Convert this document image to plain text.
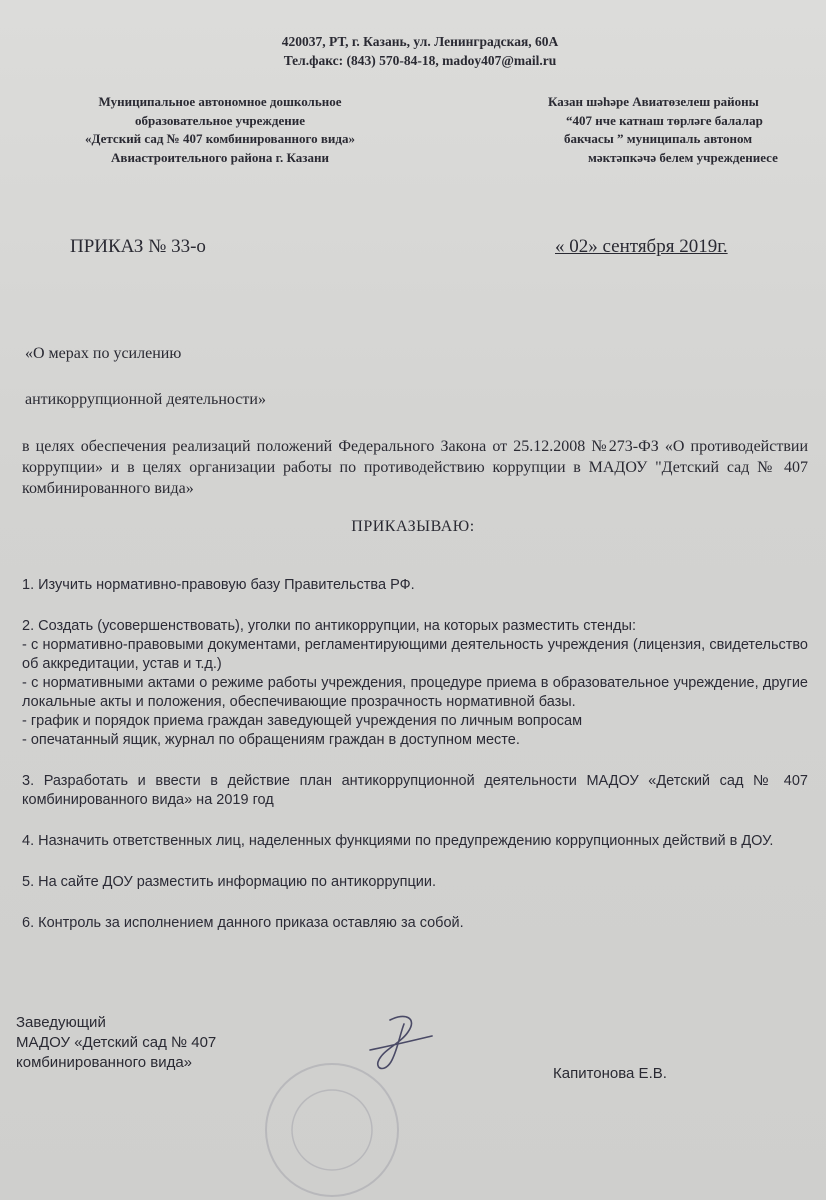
420037, РТ, г. Казань, ул. Ленинградская, 60А
Тел.факс: (843) 570-84-18, madoy407@mail.ru
Муниципальное автономное дошкольное
образовательное учреждение
«Детский сад № 407 комбинированного вида»
Авиастроительного района г. Казани
Казан шәһәре Авиатөзелеш районы
“407 нче катнаш төрләге балалар
бакчасы ” муниципаль автоном
мәктәпкәчә белем учреждениесе
ПРИКАЗ № 33-о	« 02» сентября 2019г.
«О мерах по усилению
антикоррупционной деятельности»
в целях обеспечения реализаций положений Федерального Закона от 25.12.2008 №273-ФЗ «О противодействии коррупции» и в целях организации работы по противодействию коррупции в МАДОУ "Детский сад № 407 комбинированного вида»
ПРИКАЗЫВАЮ:

1. Изучить нормативно-правовую базу Правительства РФ.

2. Создать (усовершенствовать), уголки по антикоррупции, на которых разместить стенды:

- с нормативно-правовыми документами, регламентирующими деятельность учреждения (лицензия, свидетельство об аккредитации, устав и т.д.)

- с нормативными актами о режиме работы учреждения, процедуре приема в образовательное учреждение, другие локальные акты и положения, обеспечивающие прозрачность нормативной базы.

- график и порядок приема граждан заведующей учреждения по личным вопросам

- опечатанный ящик, журнал по обращениям граждан в доступном месте.

3. Разработать и ввести в действие план антикоррупционной деятельности МАДОУ «Детский сад № 407 комбинированного вида» на 2019 год

4. Назначить ответственных лиц, наделенных функциями по предупреждению коррупционных действий в ДОУ.

5. На сайте ДОУ разместить информацию по антикоррупции.

6. Контроль за исполнением данного приказа оставляю за собой.

Заведующий
МАДОУ «Детский сад № 407
комбинированного вида»
Капитонова Е.В.
